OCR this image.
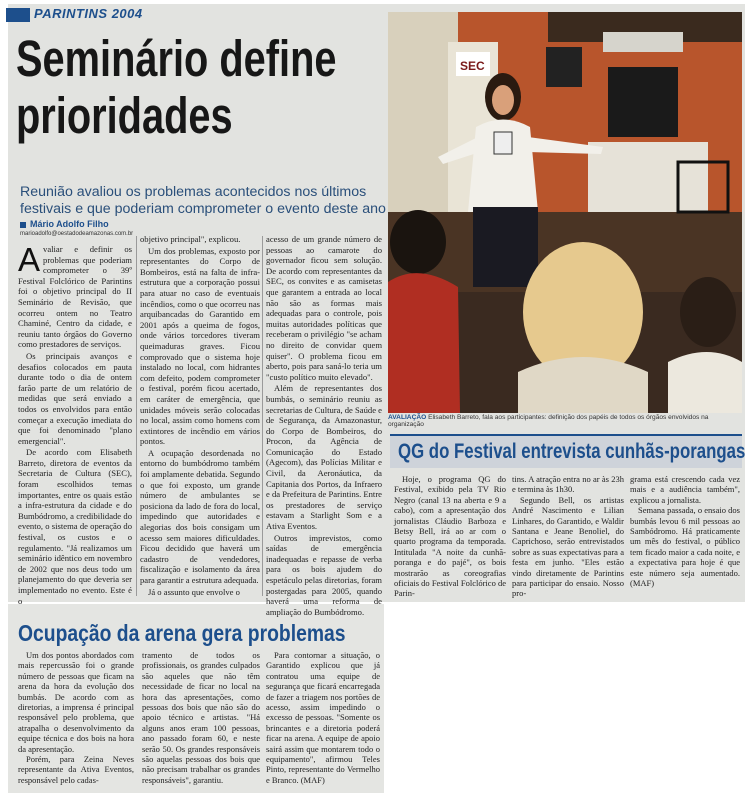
PARINTINS 2004
Seminário define
prioridades
Reunião avaliou os problemas acontecidos nos últimos festivais e que poderiam comprometer o evento deste ano
Mário Adolfo Filho
marioadolfo@oestadodeamazonas.com.br
A valiar e definir os problemas que poderiam comprometer o 39º Festival Folclórico de Parintins foi o objetivo principal do II Seminário de Revisão, que ocorreu ontem no Teatro Chaminé, Centro da cidade, e reuniu tanto órgãos do Governo como prestadores de serviços.

Os principais avanços e desafios colocados em pauta durante todo o dia de ontem farão parte de um relatório de medidas que será enviado a todos os envolvidos para então começar a execução imediata do que foi denominado "plano emergencial".

De acordo com Elisabeth Barreto, diretora de eventos da Secretaria de Cultura (SEC), foram escolhidos temas importantes, entre os quais estão a infra-estrutura da cidade e do Bumbódromo, a credibilidade do evento, o sistema de operação do festival, os custos e o regulamento. "Já realizamos um seminário idêntico em novembro de 2002 que nos deus todo um planejamento do que deveria ser implementado no evento. Este é o

objetivo principal", explicou.

Um dos problemas, exposto por representantes do Corpo de Bombeiros, está na falta de infra-estrutura que a corporação possui para atuar no caso de eventuais incêndios, como o que ocorreu nas arquibancadas do Garantido em 2001 após a queima de fogos, onde vários torcedores tiveram queimaduras graves. Ficou comprovado que o sistema hoje instalado no local, com hidrantes com defeito, podem comprometer o festival, porém ficou acertado, em caráter de emergência, que unidades móveis serão colocadas no local, assim como homens com extintores de incêndio em vários pontos.

A ocupação desordenada no entorno do bumbódromo também foi amplamente debatida. Segundo o que foi exposto, um grande número de ambulantes se posiciona da lado de fora do local, impedindo que autoridades e alegorias dos bois consigam um acesso sem maiores dificuldades. Ficou decidido que haverá um cadastro de vendedores, fiscalização e isolamento da área para garantir a estrutura adequada.

Já o assunto que envolve o

acesso de um grande número de pessoas ao camarote do governador ficou sem solução. De acordo com representantes da SEC, os convites e as camisetas que garantem a entrada ao local não são as formas mais adequadas para o controle, pois muitas autoridades políticas que receberam o privilégio "se acham no direito de convidar quem quiser". O problema ficou em aberto, pois para saná-lo teria um "custo político muito elevado".

Além de representantes dos bumbás, o seminário reuniu as secretarias de Cultura, de Saúde e de Segurança, da Amazonastur, do Corpo de Bombeiros, do Procon, da Agência de Comunicação do Estado (Agecom), das Polícias Militar e Civil, da Aeronáutica, da Capitania dos Portos, da Infraero e da Prefeitura de Parintins. Entre os prestadores de serviço estavam a Starlight Som e a Ativa Eventos.

Outros imprevistos, como saídas de emergência inadequadas e repasse de verba para os bois ajudem do espetáculo pelas diretorias, foram postergadas para 2005, quando haverá uma reforma de ampliação do Bumbódromo.

SEC
AVALIAÇÃO Elisabeth Barreto, fala aos participantes: definição dos papéis de todos os órgãos envolvidos na organização
QG do Festival entrevista cunhãs-porangas

Hoje, o programa QG do Festival, exibido pela TV Rio Negro (canal 13 na aberta e 9 a cabo), com a apresentação dos jornalistas Cláudio Barboza e Betsy Bell, irá ao ar com o quarto programa da temporada. Intitulada "A noite da cunhã-poranga e do pajé", os bois mostrarão as coreografias oficiais do Festival Folclórico de Parin-

tins. A atração entra no ar às 23h e termina às 1h30.

Segundo Bell, os artistas André Nascimento e Lilian Linhares, do Garantido, e Waldir Santana e Jeane Benoliel, do Caprichoso, serão entrevistados sobre as suas expectativas para a festa em junho. "Eles estão vindo diretamente de Parintins para participar do ensaio. Nosso pro-

grama está crescendo cada vez mais e a audiência também", explicou a jornalista.

Semana passada, o ensaio dos bumbás levou 6 mil pessoas ao Sambódromo. Há praticamente um mês do festival, o público tem ficado maior a cada noite, e a expectativa para hoje é que este número seja aumentado. (MAF)

Ocupação da arena gera problemas

Um dos pontos abordados com mais repercussão foi o grande número de pessoas que ficam na arena da hora da evolução dos bumbás. De acordo com as diretorias, a imprensa é principal responsável pelo problema, que atrapalha o desenvolvimento da equipe técnica e dos bois na hora da apresentação.

Porém, para Zeina Neves representante da Ativa Eventos, responsável pelo cadas-

tramento de todos os profissionais, os grandes culpados são aqueles que não têm necessidade de ficar no local na hora das apresentações, como pessoas dos bois que não são do apoio técnico e artistas. "Há alguns anos eram 100 pessoas, ano passado foram 60, e neste serão 50. Os grandes responsáveis são aquelas pessoas dos bois que não precisam trabalhar os grandes responsáveis", garantiu.

Para contornar a situação, o Garantido explicou que já contratou uma equipe de segurança que ficará encarregada de fazer a triagem nos portões de acesso, assim impedindo o excesso de pessoas. "Somente os brincantes e a diretoria poderá ficar na arena. A equipe de apoio sairá assim que montarem todo o equipamento", afirmou Teles Pinto, representante do Vermelho e Branco. (MAF)
